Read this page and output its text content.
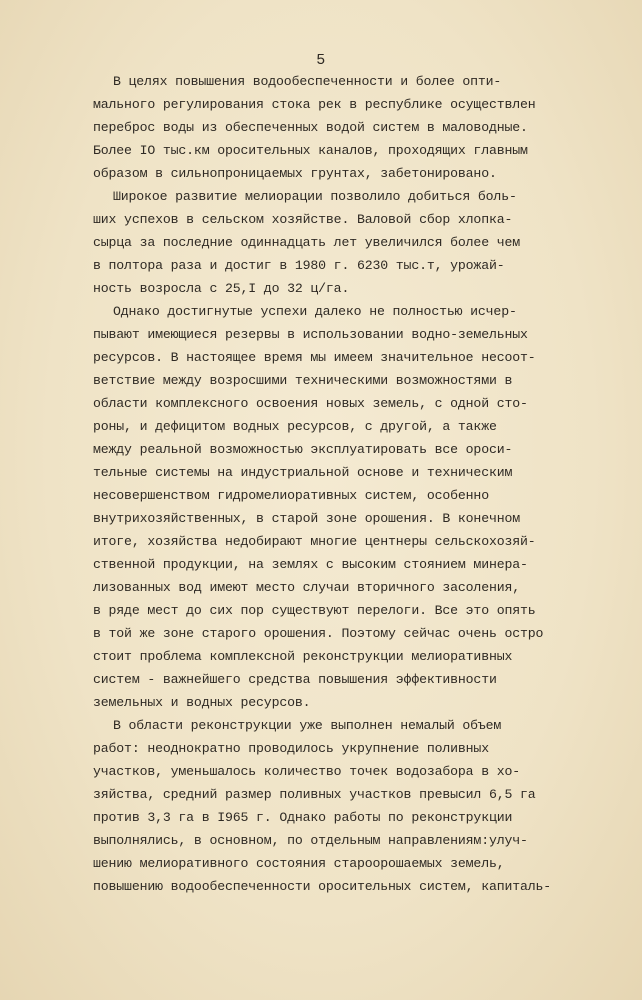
5
В целях повышения водообеспеченности и более опти-
мального регулирования стока рек в республике осуществлен
переброс воды из обеспеченных водой систем в маловодные.
Более IO тыс.км оросительных каналов, проходящих главным
образом в сильнопроницаемых грунтах, забетонировано.
Широкое развитие мелиорации позволило добиться боль-
ших успехов в сельском хозяйстве. Валовой сбор хлопка-
сырца за последние одиннадцать лет увеличился более чем
в полтора раза и достиг в 1980 г. 6230 тыс.т, урожай-
ность возросла с 25,I до 32 ц/га.
Однако достигнутые успехи далеко не полностью исчер-
пывают имеющиеся резервы в использовании водно-земельных
ресурсов. В настоящее время мы имеем значительное несоот-
ветствие между возросшими техническими возможностями в
области комплексного освоения новых земель, с одной сто-
роны, и дефицитом водных ресурсов, с другой, а также
между реальной возможностью эксплуатировать все ороси-
тельные системы на индустриальной основе и техническим
несовершенством гидромелиоративных систем, особенно
внутрихозяйственных, в старой зоне орошения. В конечном
итоге, хозяйства недобирают многие центнеры сельскохозяй-
ственной продукции, на землях с высоким стоянием минера-
лизованных вод имеют место случаи вторичного засоления,
в ряде мест до сих пор существуют перелоги. Все это опять
в той же зоне старого орошения. Поэтому сейчас очень остро
стоит проблема комплексной реконструкции мелиоративных
систем - важнейшего средства повышения эффективности
земельных и водных ресурсов.
В области реконструкции уже выполнен немалый объем
работ: неоднократно проводилось укрупнение поливных
участков, уменьшалось количество точек водозабора в хо-
зяйства, средний размер поливных участков превысил 6,5 га
против 3,3 га в I965 г. Однако работы по реконструкции
выполнялись, в основном, по отдельным направлениям:улуч-
шению мелиоративного состояния староорошаемых земель,
повышению водообеспеченности оросительных систем, капиталь-
